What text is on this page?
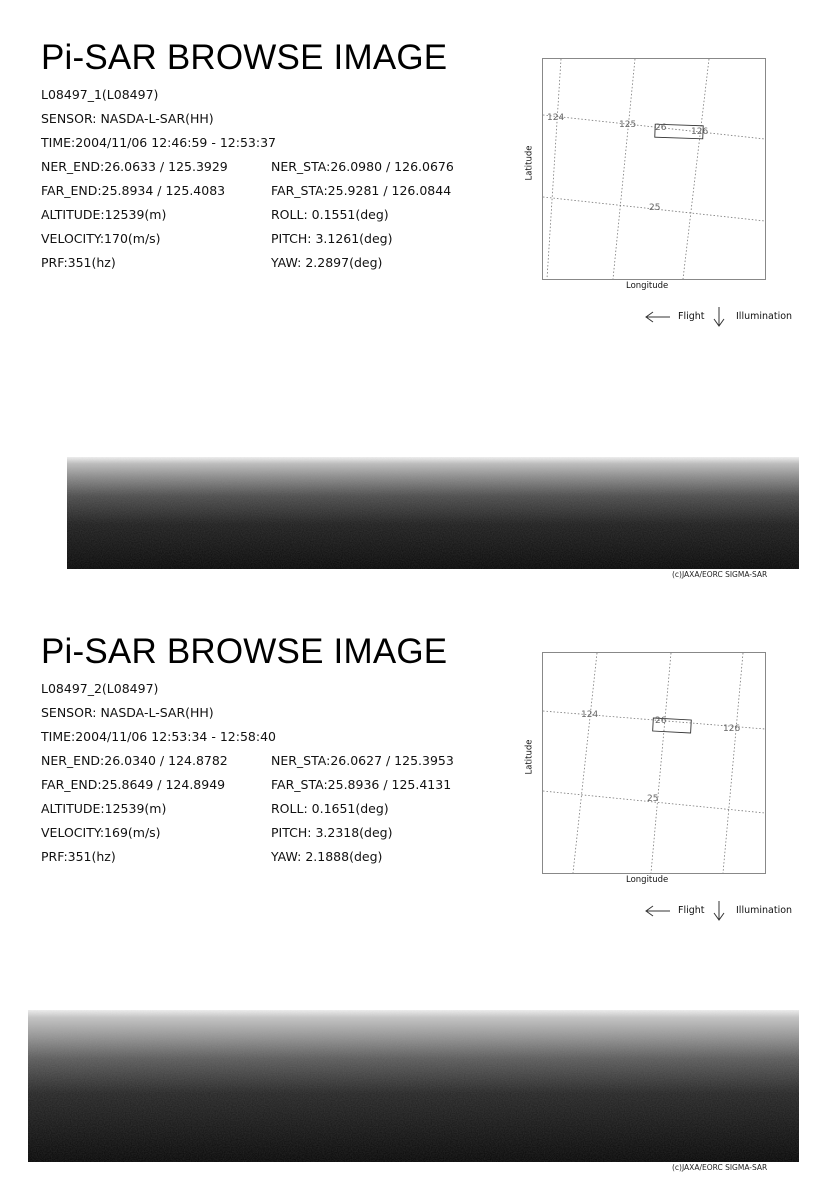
Pi-SAR BROWSE IMAGE
L08497_1(L08497)
SENSOR: NASDA-L-SAR(HH)
TIME:2004/11/06 12:46:59 - 12:53:37
NER_END:26.0633 / 125.3929	NER_STA:26.0980 / 126.0676
FAR_END:25.8934 / 125.4083	FAR_STA:25.9281 / 126.0844
ALTITUDE:12539(m)	ROLL: 0.1551(deg)
VELOCITY:170(m/s)	PITCH: 3.1261(deg)
PRF:351(hz)	YAW: 2.2897(deg)
124
125 26	126
25
Longitude
Latitude
Flight	Illumination
(c)JAXA/EORC SIGMA-SAR
Pi-SAR BROWSE IMAGE
L08497_2(L08497)
SENSOR: NASDA-L-SAR(HH)
TIME:2004/11/06 12:53:34 - 12:58:40
NER_END:26.0340 / 124.8782	NER_STA:26.0627 / 125.3953
FAR_END:25.8649 / 124.8949	FAR_STA:25.8936 / 125.4131
ALTITUDE:12539(m)	ROLL: 0.1651(deg)
VELOCITY:169(m/s)	PITCH: 3.2318(deg)
PRF:351(hz)	YAW: 2.1888(deg)
124
26
126
25
Longitude
Latitude
Flight	Illumination
(c)JAXA/EORC SIGMA-SAR
